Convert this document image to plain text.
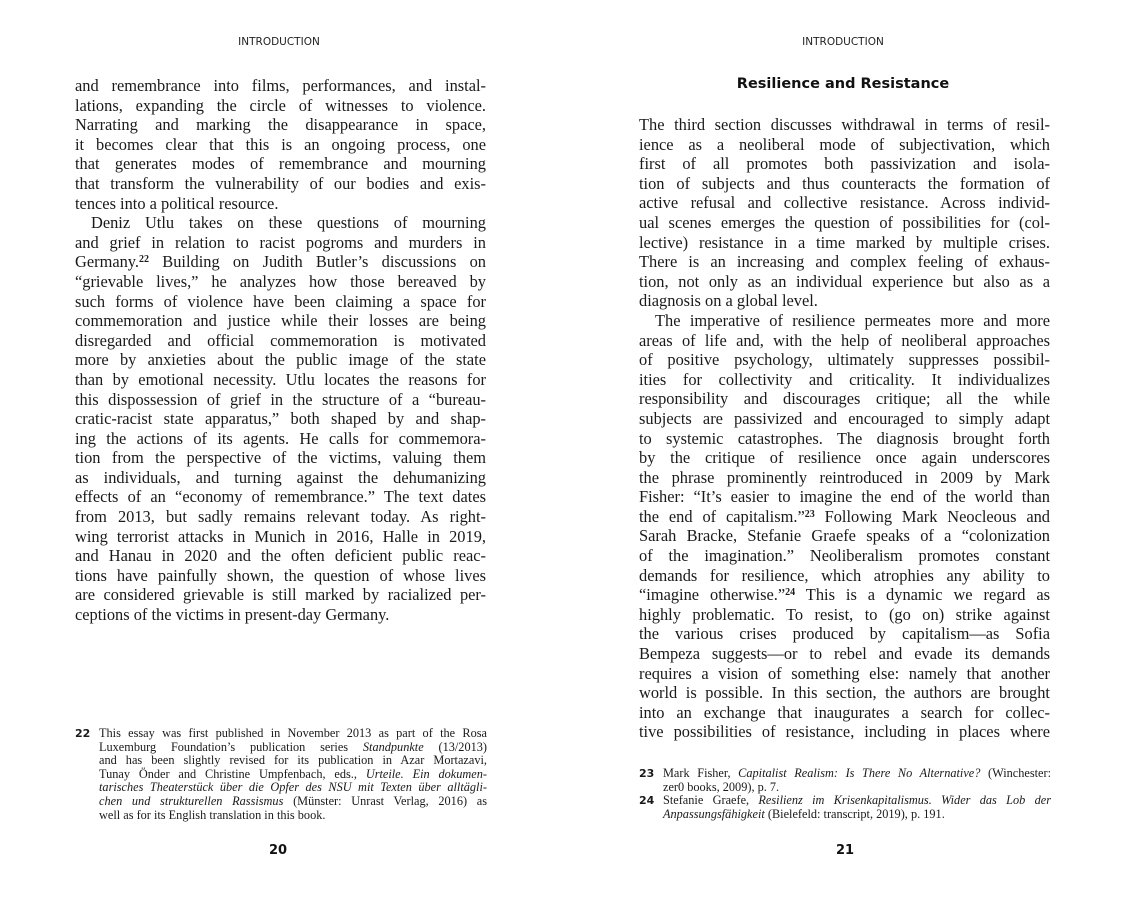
INTRODUCTION
and remembrance into films, performances, and instal-
lations, expanding the circle of witnesses to violence.
Narrating and marking the disappearance in space,
it becomes clear that this is an ongoing process, one
that generates modes of remembrance and mourning
that transform the vulnerability of our bodies and exis-
tences into a political resource.
Deniz Utlu takes on these questions of mourning
and grief in relation to racist pogroms and murders in
Germany.$^{22}$ Building on Judith Butler’s discussions on
“grievable lives,” he analyzes how those bereaved by
such forms of violence have been claiming a space for
commemoration and justice while their losses are being
disregarded and official commemoration is motivated
more by anxieties about the public image of the state
than by emotional necessity. Utlu locates the reasons for
this dispossession of grief in the structure of a “bureau-
cratic-racist state apparatus,” both shaped by and shap-
ing the actions of its agents. He calls for commemora-
tion from the perspective of the victims, valuing them
as individuals, and turning against the dehumanizing
effects of an “economy of remembrance.” The text dates
from 2013, but sadly remains relevant today. As right-
wing terrorist attacks in Munich in 2016, Halle in 2019,
and Hanau in 2020 and the often deficient public reac-
tions have painfully shown, the question of whose lives
are considered grievable is still marked by racialized per-
ceptions of the victims in present-day Germany.
22 This essay was first published in November 2013 as part of the Rosa
Luxemburg Foundation’s publication series Standpunkte (13/2013)
and has been slightly revised for its publication in Azar Mortazavi,
Tunay Önder and Christine Umpfenbach, eds., Urteile. Ein dokumen-
tarisches Theaterstück über die Opfer des NSU mit Texten über alltägli-
chen und strukturellen Rassismus (Münster: Unrast Verlag, 2016) as
well as for its English translation in this book.
20
INTRODUCTION
Resilience and Resistance
The third section discusses withdrawal in terms of resil-
ience as a neoliberal mode of subjectivation, which
first of all promotes both passivization and isola-
tion of subjects and thus counteracts the formation of
active refusal and collective resistance. Across individ-
ual scenes emerges the question of possibilities for (col-
lective) resistance in a time marked by multiple crises.
There is an increasing and complex feeling of exhaus-
tion, not only as an individual experience but also as a
diagnosis on a global level.
The imperative of resilience permeates more and more
areas of life and, with the help of neoliberal approaches
of positive psychology, ultimately suppresses possibil-
ities for collectivity and criticality. It individualizes
responsibility and discourages critique; all the while
subjects are passivized and encouraged to simply adapt
to systemic catastrophes. The diagnosis brought forth
by the critique of resilience once again underscores
the phrase prominently reintroduced in 2009 by Mark
Fisher: “It’s easier to imagine the end of the world than
the end of capitalism.”$^{23}$ Following Mark Neocleous and
Sarah Bracke, Stefanie Graefe speaks of a “colonization
of the imagination.” Neoliberalism promotes constant
demands for resilience, which atrophies any ability to
“imagine otherwise.”$^{24}$ This is a dynamic we regard as
highly problematic. To resist, to (go on) strike against
the various crises produced by capitalism—as Sofia
Bempeza suggests—or to rebel and evade its demands
requires a vision of something else: namely that another
world is possible. In this section, the authors are brought
into an exchange that inaugurates a search for collec-
tive possibilities of resistance, including in places where
23 Mark Fisher, Capitalist Realism: Is There No Alternative? (Winchester:
zer0 books, 2009), p. 7.
24 Stefanie Graefe, Resilienz im Krisenkapitalismus. Wider das Lob der
Anpassungsfähigkeit (Bielefeld: transcript, 2019), p. 191.
21
